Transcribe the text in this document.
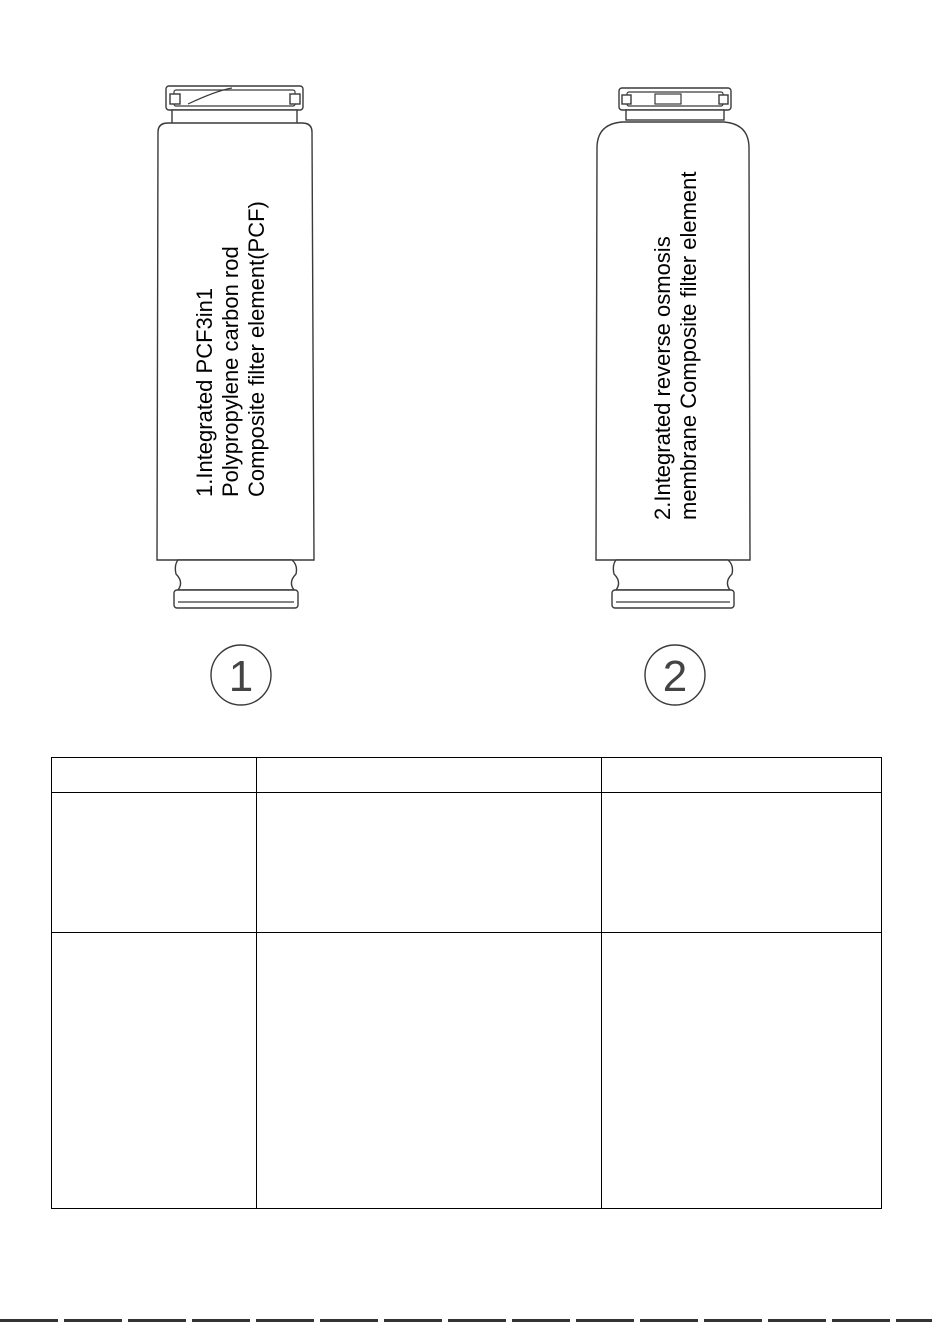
1.Integrated PCF3in1 Polypropylene carbon rod Composite filter element(PCF)
1
2.Integrated reverse osmosis membrane Composite filter element
2
